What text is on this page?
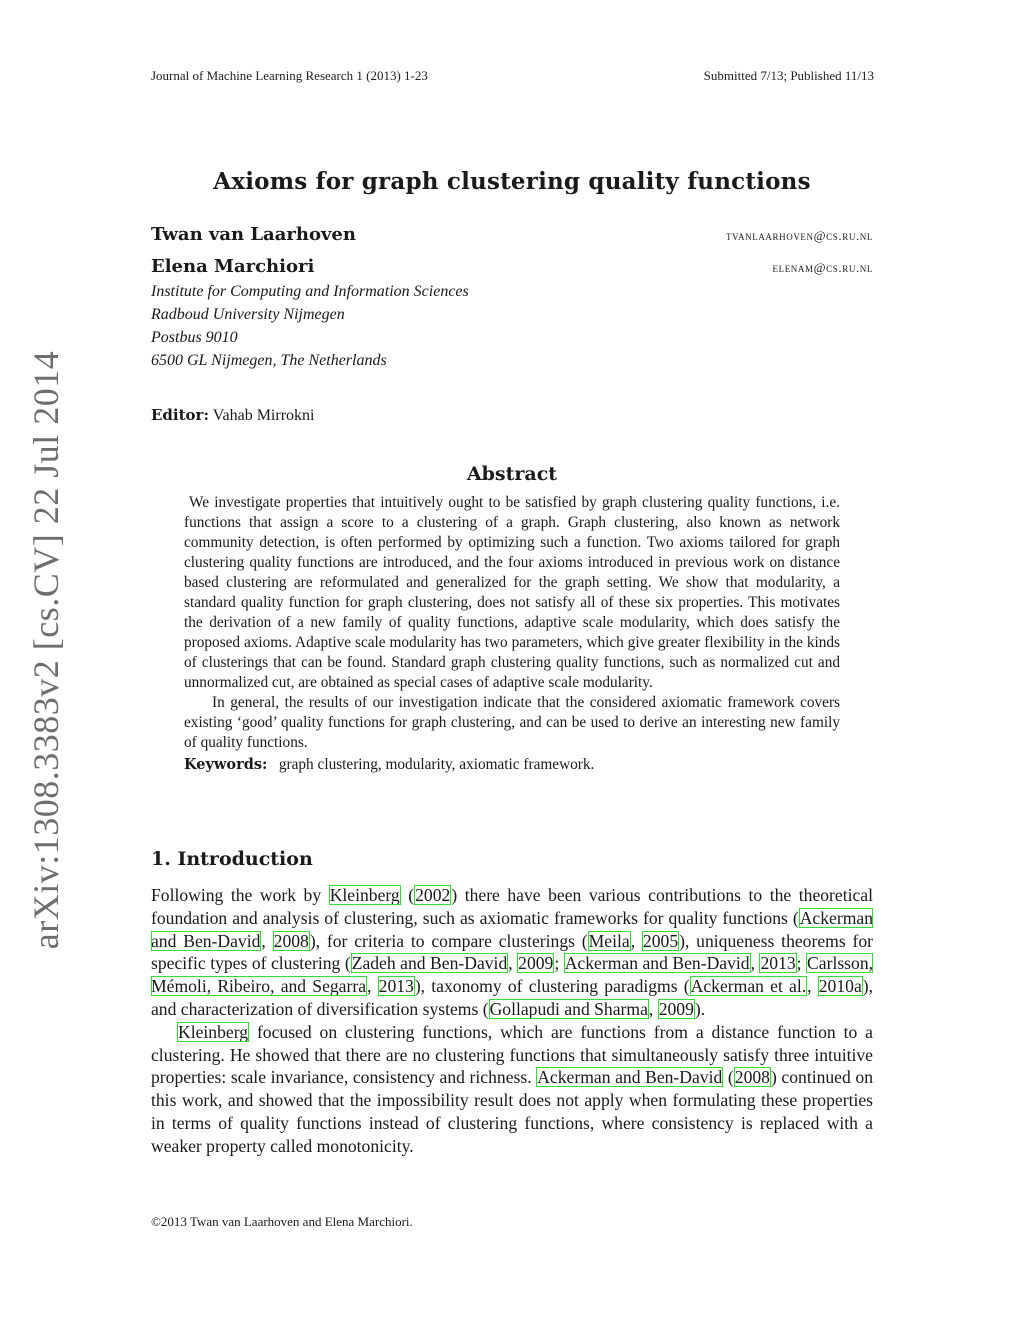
Journal of Machine Learning Research 1 (2013) 1-23	Submitted 7/13; Published 11/13
Axioms for graph clustering quality functions
Twan van Laarhoven	tvanlaarhoven@cs.ru.nl
Elena Marchiori	elenam@cs.ru.nl
Institute for Computing and Information Sciences
Radboud University Nijmegen
Postbus 9010
6500 GL Nijmegen, The Netherlands
Editor: Vahab Mirrokni
Abstract

We investigate properties that intuitively ought to be satisfied by graph clustering quality functions, i.e. functions that assign a score to a clustering of a graph. Graph clustering, also known as network community detection, is often performed by optimizing such a function. Two axioms tailored for graph clustering quality functions are introduced, and the four axioms introduced in previous work on distance based clustering are reformulated and generalized for the graph setting. We show that modularity, a standard quality function for graph clustering, does not satisfy all of these six properties. This motivates the derivation of a new family of quality functions, adaptive scale modularity, which does satisfy the proposed axioms. Adaptive scale modularity has two parameters, which give greater flexibility in the kinds of clusterings that can be found. Standard graph clustering quality functions, such as normalized cut and unnormalized cut, are obtained as special cases of adaptive scale modularity.

In general, the results of our investigation indicate that the considered axiomatic framework covers existing ‘good’ quality functions for graph clustering, and can be used to derive an interesting new family of quality functions.

Keywords: graph clustering, modularity, axiomatic framework.
1. Introduction

Following the work by Kleinberg (2002) there have been various contributions to the theoretical foundation and analysis of clustering, such as axiomatic frameworks for quality functions (Ackerman and Ben-David, 2008), for criteria to compare clusterings (Meila, 2005), uniqueness theorems for specific types of clustering (Zadeh and Ben-David, 2009; Ackerman and Ben-David, 2013; Carlsson, Mémoli, Ribeiro, and Segarra, 2013), taxonomy of clustering paradigms (Ackerman et al., 2010a), and characterization of diversification systems (Gollapudi and Sharma, 2009).

Kleinberg focused on clustering functions, which are functions from a distance function to a clustering. He showed that there are no clustering functions that simultaneously satisfy three intuitive properties: scale invariance, consistency and richness. Ackerman and Ben-David (2008) continued on this work, and showed that the impossibility result does not apply when formulating these properties in terms of quality functions instead of clustering functions, where consistency is replaced with a weaker property called monotonicity.

©2013 Twan van Laarhoven and Elena Marchiori.
arXiv:1308.3383v2 [cs.CV] 22 Jul 2014
